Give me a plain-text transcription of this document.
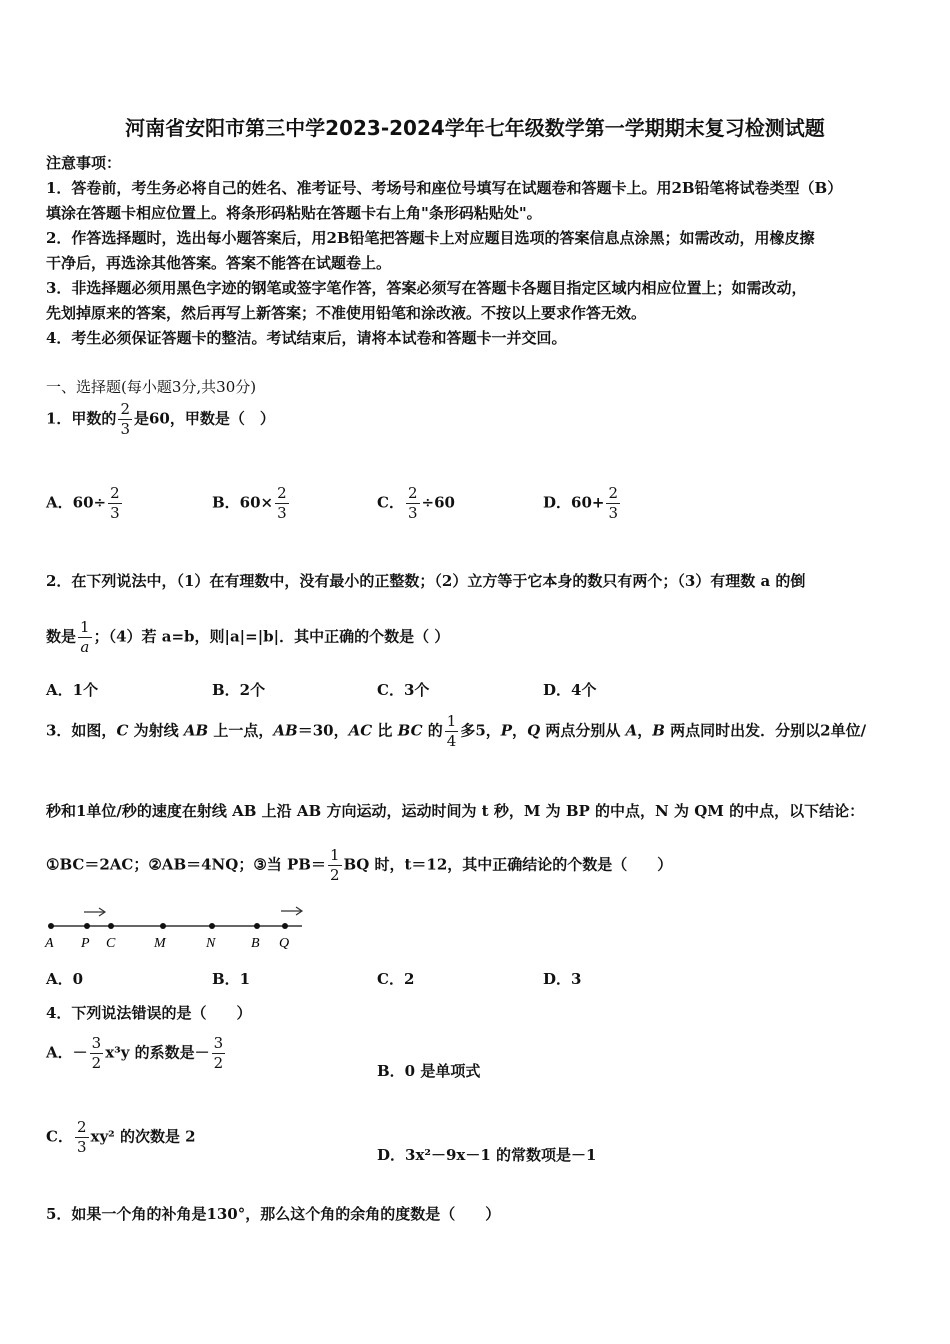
河南省安阳市第三中学2023-2024学年七年级数学第一学期期末复习检测试题
注意事项：
1．答卷前，考生务必将自己的姓名、准考证号、考场号和座位号填写在试题卷和答题卡上。用2B铅笔将试卷类型（B）
填涂在答题卡相应位置上。将条形码粘贴在答题卡右上角"条形码粘贴处"。
2．作答选择题时，选出每小题答案后，用2B铅笔把答题卡上对应题目选项的答案信息点涂黑；如需改动，用橡皮擦
干净后，再选涂其他答案。答案不能答在试题卷上。
3．非选择题必须用黑色字迹的钢笔或签字笔作答，答案必须写在答题卡各题目指定区域内相应位置上；如需改动，
先划掉原来的答案，然后再写上新答案；不准使用铅笔和涂改液。不按以上要求作答无效。
4．考生必须保证答题卡的整洁。考试结束后，请将本试卷和答题卡一并交回。
一、选择题(每小题3分,共30分)
1．甲数的 $\frac{2}{3}$ 是60，甲数是（　）
A．$60\div \frac{2}{3}$	B．$60\times \frac{2}{3}$	C． $\frac{2}{3} \div 60$	D．$60+ \frac{2}{3}$
2．在下列说法中，（1）在有理数中，没有最小的正整数；（2）立方等于它本身的数只有两个；（3）有理数 a 的倒
数是 $\frac{1}{a}$ ；（4）若 a=b，则|a|=|b|．其中正确的个数是（ ）
A．1个	B．2个	C．3个	D．4个
3．如图，C 为射线 AB 上一点，AB＝30，AC 比 BC 的 $\frac{1}{4}$ 多5，P，Q 两点分别从 A，B 两点同时出发．分别以2单位/
秒和1单位/秒的速度在射线 AB 上沿 AB 方向运动，运动时间为 t 秒，M 为 BP 的中点，N 为 QM 的中点，以下结论：
①BC＝2AC；②AB＝4NQ；③当 $PB= \frac{1}{2}$ BQ 时，t＝12，其中正确结论的个数是（　　）
A P C	M	N	B Q
A．0	B．1	C．2	D．3
4．下列说法错误的是（　　）
A．－ $\frac{3}{2} x^3y$ 的系数是－ $\frac{3}{2}$	B．0 是单项式
C． $\frac{2}{3} xy^2$ 的次数是 2
D．3x²－9x－1 的常数项是－1
5．如果一个角的补角是130°，那么这个角的余角的度数是（　　）
